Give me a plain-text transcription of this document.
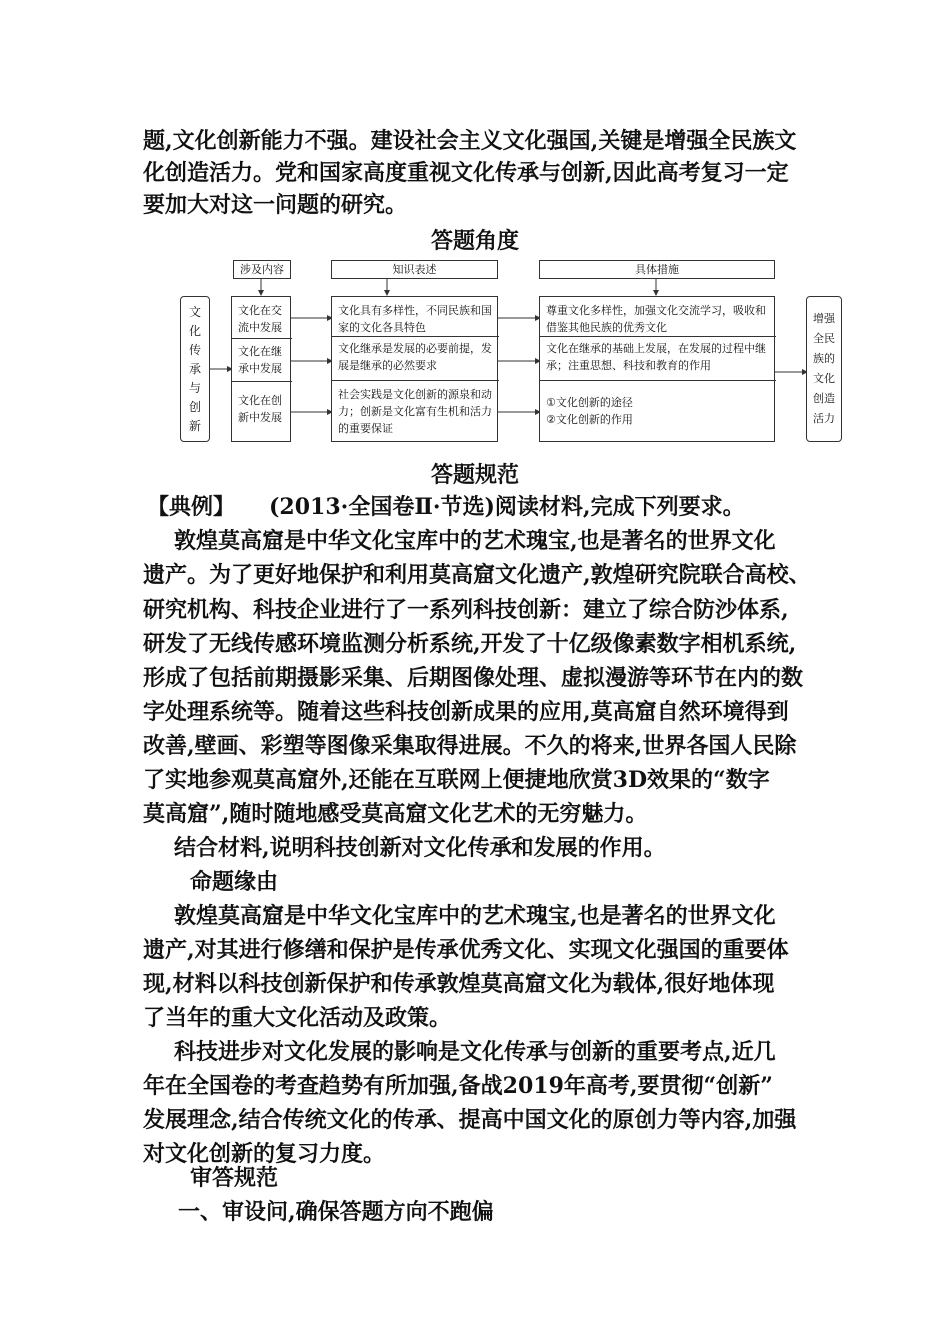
题,文化创新能力不强。建设社会主义文化强国,关键是增强全民族文
化创造活力。党和国家高度重视文化传承与创新,因此高考复习一定
要加大对这一问题的研究。
答题角度
文
化
传
承
与
创
新
涉及内容	知识表述	具体措施
文化在交流中发展
文化在继承中发展
文化在创新中发展
文化具有多样性，不同民族和国家的文化各具特色
文化继承是发展的必要前提，发展是继承的必然要求
社会实践是文化创新的源泉和动力；创新是文化富有生机和活力的重要保证
尊重文化多样性，加强文化交流学习，吸收和借鉴其他民族的优秀文化
文化在继承的基础上发展，在发展的过程中继承；注重思想、科技和教育的作用
①文化创新的途径
②文化创新的作用
增强
全民
族的
文化
创造
活力
答题规范
【典例】 (2013·全国卷Ⅱ·节选)阅读材料,完成下列要求。
敦煌莫高窟是中华文化宝库中的艺术瑰宝,也是著名的世界文化
遗产。为了更好地保护和利用莫高窟文化遗产,敦煌研究院联合高校、
研究机构、科技企业进行了一系列科技创新：建立了综合防沙体系,
研发了无线传感环境监测分析系统,开发了十亿级像素数字相机系统,
形成了包括前期摄影采集、后期图像处理、虚拟漫游等环节在内的数
字处理系统等。随着这些科技创新成果的应用,莫高窟自然环境得到
改善,壁画、彩塑等图像采集取得进展。不久的将来,世界各国人民除
了实地参观莫高窟外,还能在互联网上便捷地欣赏3D效果的“数字
莫高窟”,随时随地感受莫高窟文化艺术的无穷魅力。
结合材料,说明科技创新对文化传承和发展的作用。
命题缘由
敦煌莫高窟是中华文化宝库中的艺术瑰宝,也是著名的世界文化
遗产,对其进行修缮和保护是传承优秀文化、实现文化强国的重要体
现,材料以科技创新保护和传承敦煌莫高窟文化为载体,很好地体现
了当年的重大文化活动及政策。
科技进步对文化发展的影响是文化传承与创新的重要考点,近几
年在全国卷的考查趋势有所加强,备战2019年高考,要贯彻“创新”
发展理念,结合传统文化的传承、提高中国文化的原创力等内容,加强
对文化创新的复习力度。
审答规范
一、审设问,确保答题方向不跑偏
